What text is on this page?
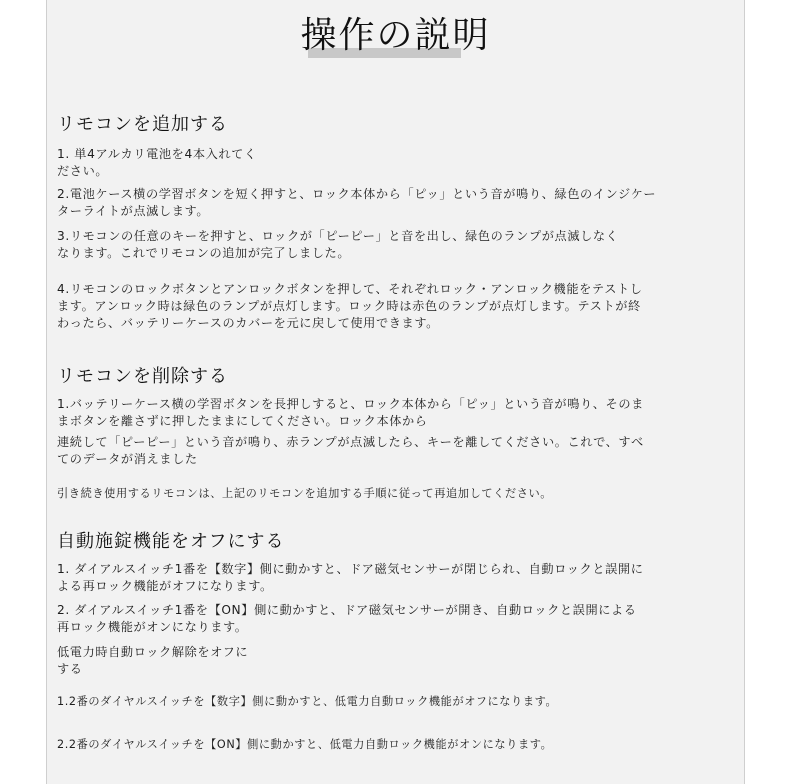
操作の説明
リモコンを追加する
1. 単4アルカリ電池を4本入れてく
ださい。
2.電池ケース横の学習ボタンを短く押すと、ロック本体から「ピッ」という音が鳴り、緑色のインジケー
ターライトが点滅します。
3.リモコンの任意のキーを押すと、ロックが「ピーピー」と音を出し、緑色のランプが点滅しなく
なります。これでリモコンの追加が完了しました。
4.リモコンのロックボタンとアンロックボタンを押して、それぞれロック・アンロック機能をテストし
ます。アンロック時は緑色のランプが点灯します。ロック時は赤色のランプが点灯します。テストが終
わったら、バッテリーケースのカバーを元に戻して使用できます。
リモコンを削除する
1.バッテリーケース横の学習ボタンを長押しすると、ロック本体から「ピッ」という音が鳴り、そのま
まボタンを離さずに押したままにしてください。ロック本体から
連続して「ピーピー」という音が鳴り、赤ランプが点滅したら、キーを離してください。これで、すべ
てのデータが消えました
引き続き使用するリモコンは、上記のリモコンを追加する手順に従って再追加してください。
自動施錠機能をオフにする
1. ダイアルスイッチ1番を【数字】側に動かすと、ドア磁気センサーが閉じられ、自動ロックと誤開に
よる再ロック機能がオフになります。
2. ダイアルスイッチ1番を【ON】側に動かすと、ドア磁気センサーが開き、自動ロックと誤開による
再ロック機能がオンになります。
低電力時自動ロック解除をオフに
する
1.2番のダイヤルスイッチを【数字】側に動かすと、低電力自動ロック機能がオフになります。
2.2番のダイヤルスイッチを【ON】側に動かすと、低電力自動ロック機能がオンになります。
